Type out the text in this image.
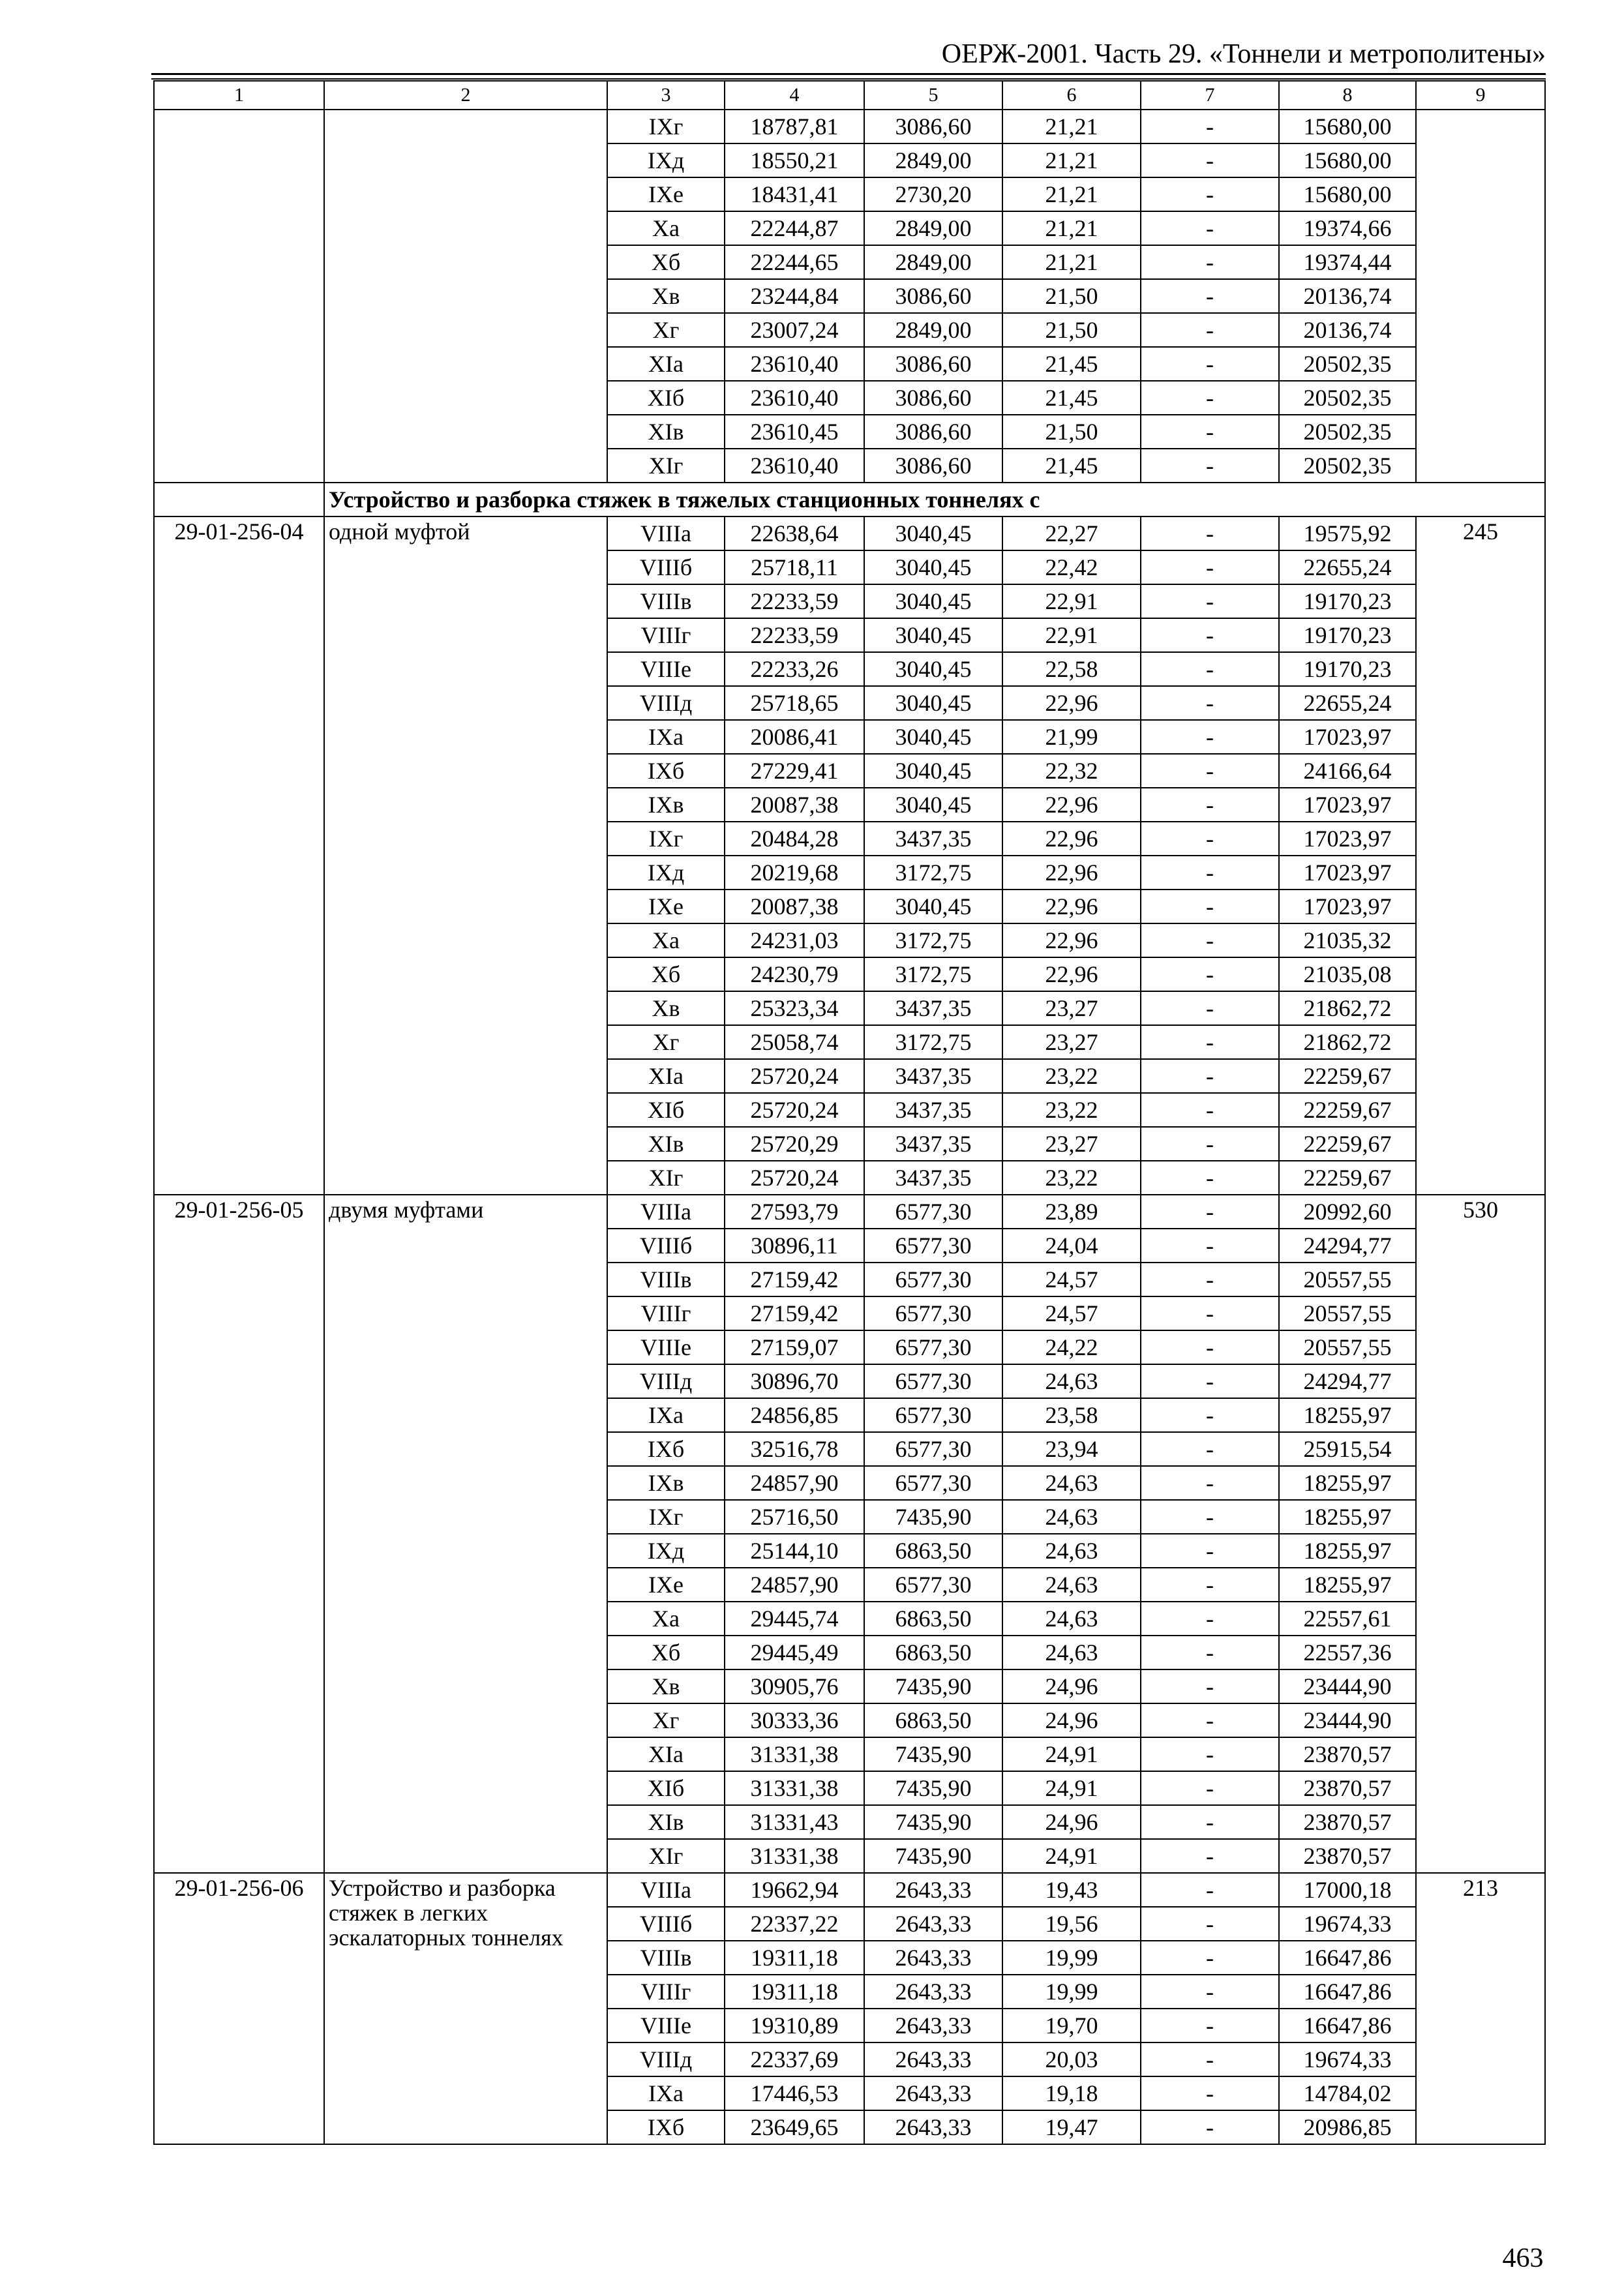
ОЕРЖ-2001. Часть 29. «Тоннели и метрополитены»
1	2	3	4	5	6	7	8	9
		IXг	18787,81	3086,60	21,21	-	15680,00	
		IXд	18550,21	2849,00	21,21	-	15680,00	
		IXе	18431,41	2730,20	21,21	-	15680,00	
		Xа	22244,87	2849,00	21,21	-	19374,66	
		Xб	22244,65	2849,00	21,21	-	19374,44	
		Xв	23244,84	3086,60	21,50	-	20136,74	
		Xг	23007,24	2849,00	21,50	-	20136,74	
		XIа	23610,40	3086,60	21,45	-	20502,35	
		XIб	23610,40	3086,60	21,45	-	20502,35	
		XIв	23610,45	3086,60	21,50	-	20502,35	
		XIг	23610,40	3086,60	21,45	-	20502,35	
	Устройство и разборка стяжек в тяжелых станционных тоннелях с							
29-01-256-04	одной муфтой	VIIIа	22638,64	3040,45	22,27	-	19575,92	245
		VIIIб	25718,11	3040,45	22,42	-	22655,24	
		VIIIв	22233,59	3040,45	22,91	-	19170,23	
		VIIIг	22233,59	3040,45	22,91	-	19170,23	
		VIIIе	22233,26	3040,45	22,58	-	19170,23	
		VIIIд	25718,65	3040,45	22,96	-	22655,24	
		IXа	20086,41	3040,45	21,99	-	17023,97	
		IXб	27229,41	3040,45	22,32	-	24166,64	
		IXв	20087,38	3040,45	22,96	-	17023,97	
		IXг	20484,28	3437,35	22,96	-	17023,97	
		IXд	20219,68	3172,75	22,96	-	17023,97	
		IXе	20087,38	3040,45	22,96	-	17023,97	
		Xа	24231,03	3172,75	22,96	-	21035,32	
		Xб	24230,79	3172,75	22,96	-	21035,08	
		Xв	25323,34	3437,35	23,27	-	21862,72	
		Xг	25058,74	3172,75	23,27	-	21862,72	
		XIа	25720,24	3437,35	23,22	-	22259,67	
		XIб	25720,24	3437,35	23,22	-	22259,67	
		XIв	25720,29	3437,35	23,27	-	22259,67	
		XIг	25720,24	3437,35	23,22	-	22259,67	
29-01-256-05	двумя муфтами	VIIIа	27593,79	6577,30	23,89	-	20992,60	530
		VIIIб	30896,11	6577,30	24,04	-	24294,77	
		VIIIв	27159,42	6577,30	24,57	-	20557,55	
		VIIIг	27159,42	6577,30	24,57	-	20557,55	
		VIIIе	27159,07	6577,30	24,22	-	20557,55	
		VIIIд	30896,70	6577,30	24,63	-	24294,77	
		IXа	24856,85	6577,30	23,58	-	18255,97	
		IXб	32516,78	6577,30	23,94	-	25915,54	
		IXв	24857,90	6577,30	24,63	-	18255,97	
		IXг	25716,50	7435,90	24,63	-	18255,97	
		IXд	25144,10	6863,50	24,63	-	18255,97	
		IXе	24857,90	6577,30	24,63	-	18255,97	
		Xа	29445,74	6863,50	24,63	-	22557,61	
		Xб	29445,49	6863,50	24,63	-	22557,36	
		Xв	30905,76	7435,90	24,96	-	23444,90	
		Xг	30333,36	6863,50	24,96	-	23444,90	
		XIа	31331,38	7435,90	24,91	-	23870,57	
		XIб	31331,38	7435,90	24,91	-	23870,57	
		XIв	31331,43	7435,90	24,96	-	23870,57	
		XIг	31331,38	7435,90	24,91	-	23870,57	
29-01-256-06	Устройство и разборка стяжек в легких эскалаторных тоннелях	VIIIа	19662,94	2643,33	19,43	-	17000,18	213
		VIIIб	22337,22	2643,33	19,56	-	19674,33	
		VIIIв	19311,18	2643,33	19,99	-	16647,86	
		VIIIг	19311,18	2643,33	19,99	-	16647,86	
		VIIIе	19310,89	2643,33	19,70	-	16647,86	
		VIIIд	22337,69	2643,33	20,03	-	19674,33	
		IXа	17446,53	2643,33	19,18	-	14784,02	
		IXб	23649,65	2643,33	19,47	-	20986,85	
463
